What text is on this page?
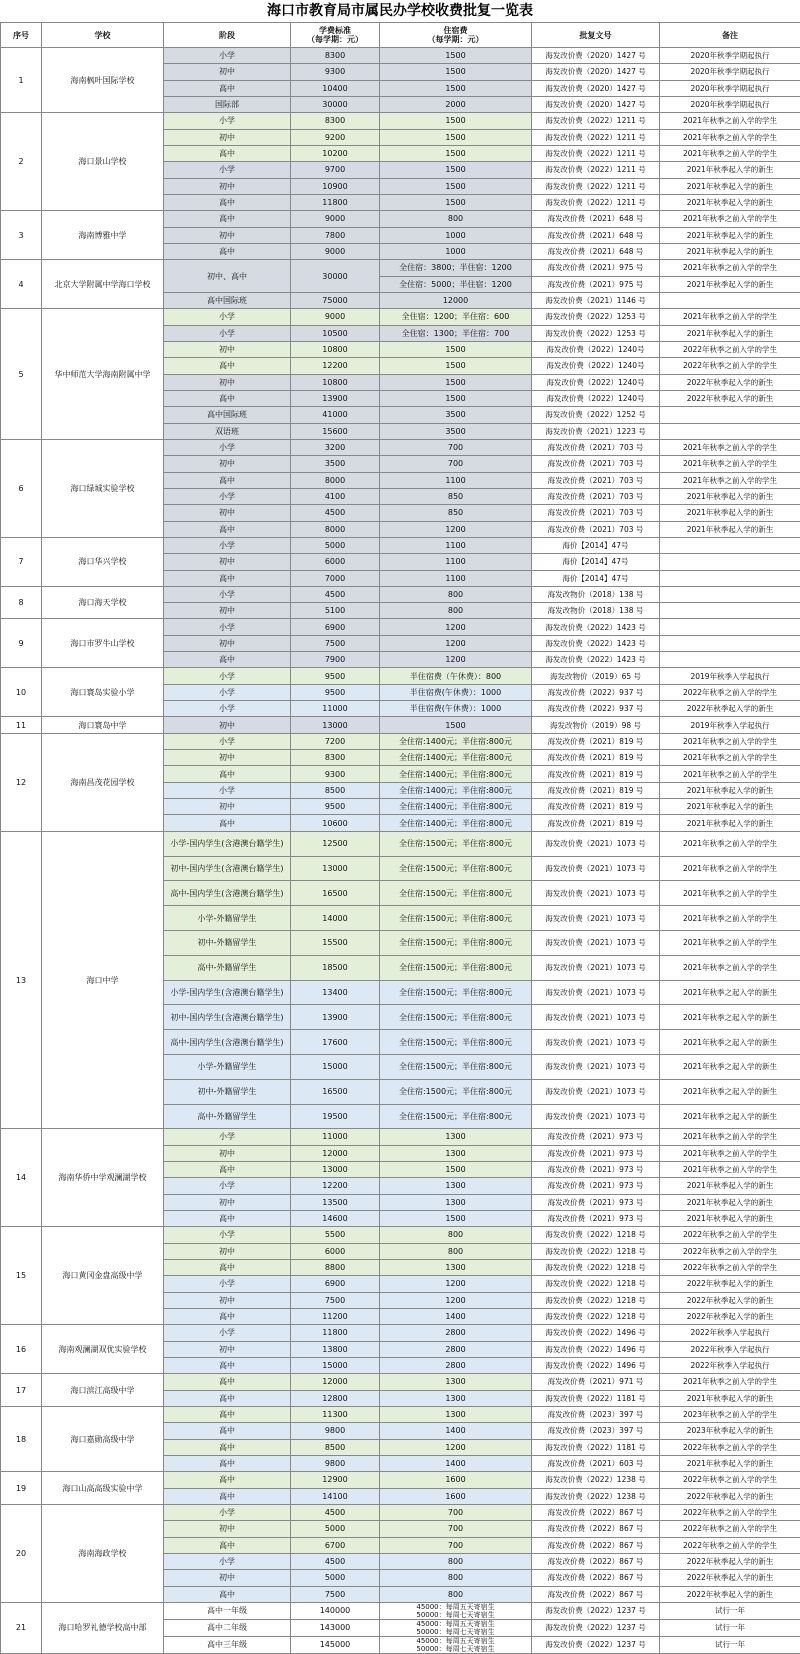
海口市教育局市属民办学校收费批复一览表
序号	学校	阶段	学费标准
（每学期：元）	住宿费
（每学期：元）	批复文号	备注
1	海南枫叶国际学校	小学	8300	1500	海发改价费（2020）1427 号	2020年秋季学期起执行
		初中	9300	1500	海发改价费（2020）1427 号	2020年秋季学期起执行
		高中	10400	1500	海发改价费（2020）1427 号	2020年秋季学期起执行
		国际部	30000	2000	海发改价费（2020）1427 号	2020年秋季学期起执行
2	海口景山学校	小学	8300	1500	海发改价费（2022）1211 号	2021年秋季之前入学的学生
		初中	9200	1500	海发改价费（2022）1211 号	2021年秋季之前入学的学生
		高中	10200	1500	海发改价费（2022）1211 号	2021年秋季之前入学的学生
		小学	9700	1500	海发改价费（2022）1211 号	2021年秋季起入学的新生
		初中	10900	1500	海发改价费（2022）1211 号	2021年秋季起入学的新生
		高中	11800	1500	海发改价费（2022）1211 号	2021年秋季起入学的新生
3	海南博雅中学	高中	9000	800	海发改价费（2021）648 号	2021年秋季之前入学的学生
		初中	7800	1000	海发改价费（2021）648 号	2021年秋季起入学的新生
		高中	9000	1000	海发改价费（2021）648 号	2021年秋季起入学的新生
4	北京大学附属中学海口学校	初中、高中	30000	全住宿：3800；半住宿：1200	海发改价费（2021）975 号	2021年秋季之前入学的学生
				全住宿：5000；半住宿：1200	海发改价费（2021）975 号	2021年秋季起入学的新生
		高中国际班	75000	12000	海发改价费（2021）1146 号	
5	华中师范大学海南附属中学	小学	9000	全住宿：1200；半住宿：600	海发改价费（2022）1253 号	2021年秋季之前入学的学生
		小学	10500	全住宿：1300；半住宿：700	海发改价费（2022）1253 号	2021年秋季起入学的新生
		初中	10800	1500	海发改价费（2022）1240号	2022年秋季之前入学的学生
		高中	12200	1500	海发改价费（2022）1240号	2022年秋季之前入学的学生
		初中	10800	1500	海发改价费（2022）1240号	2022年秋季起入学的新生
		高中	13900	1500	海发改价费（2022）1240号	2022年秋季起入学的新生
		高中国际班	41000	3500	海发改价费（2022）1252 号	
		双语班	15600	3500	海发改价费（2021）1223 号	
6	海口绿城实验学校	小学	3200	700	海发改价费（2021）703 号	2021年秋季之前入学的学生
		初中	3500	700	海发改价费（2021）703 号	2021年秋季之前入学的学生
		高中	8000	1100	海发改价费（2021）703 号	2021年秋季之前入学的学生
		小学	4100	850	海发改价费（2021）703 号	2021年秋季起入学的新生
		初中	4500	850	海发改价费（2021）703 号	2021年秋季起入学的新生
		高中	8000	1200	海发改价费（2021）703 号	2021年秋季起入学的新生
7	海口华兴学校	小学	5000	1100	海价【2014】47号	
		初中	6000	1100	海价【2014】47号	
		高中	7000	1100	海价【2014】47号	
8	海口海天学校	小学	4500	800	海发改物价（2018）138 号	
		初中	5100	800	海发改物价（2018）138 号	
9	海口市罗牛山学校	小学	6900	1200	海发改价费（2022）1423 号	
		初中	7500	1200	海发改价费（2022）1423 号	
		高中	7900	1200	海发改价费（2022）1423 号	
10	海口寰岛实验小学	小学	9500	半住宿费（午休费）：800	海发改物价（2019）65 号	2019年秋季入学起执行
		小学	9500	半住宿费(午休费）：1000	海发改价费（2022）937 号	2022年秋季之前入学的学生
		小学	11000	半住宿费(午休费）：1000	海发改价费（2022）937 号	2022年秋季起入学的新生
11	海口寰岛中学	初中	13000	1500	海发改物价（2019）98 号	2019年秋季入学起执行
12	海南昌茂花园学校	小学	7200	全住宿:1400元；半住宿:800元	海发改价费（2021）819 号	2021年秋季之前入学的学生
		初中	8300	全住宿:1400元；半住宿:800元	海发改价费（2021）819 号	2021年秋季之前入学的学生
		高中	9300	全住宿:1400元；半住宿:800元	海发改价费（2021）819 号	2021年秋季之前入学的学生
		小学	8500	全住宿:1400元；半住宿:800元	海发改价费（2021）819 号	2021年秋季起入学的新生
		初中	9500	全住宿:1400元；半住宿:800元	海发改价费（2021）819 号	2021年秋季起入学的新生
		高中	10600	全住宿:1400元；半住宿:800元	海发改价费（2021）819 号	2021年秋季起入学的新生
13	海口中学	小学-国内学生(含港澳台籍学生)	12500	全住宿:1500元；半住宿:800元	海发改价费（2021）1073 号	2021年秋季之前入学的学生
		初中-国内学生(含港澳台籍学生)	13000	全住宿:1500元；半住宿:800元	海发改价费（2021）1073 号	2021年秋季之前入学的学生
		高中-国内学生(含港澳台籍学生)	16500	全住宿:1500元；半住宿:800元	海发改价费（2021）1073 号	2021年秋季之前入学的学生
		小学-外籍留学生	14000	全住宿:1500元；半住宿:800元	海发改价费（2021）1073 号	2021年秋季之前入学的学生
		初中-外籍留学生	15500	全住宿:1500元；半住宿:800元	海发改价费（2021）1073 号	2021年秋季之前入学的学生
		高中-外籍留学生	18500	全住宿:1500元；半住宿:800元	海发改价费（2021）1073 号	2021年秋季之前入学的学生
		小学-国内学生(含港澳台籍学生)	13400	全住宿:1500元；半住宿:800元	海发改价费（2021）1073 号	2021年秋季之起入学的新生
		初中-国内学生(含港澳台籍学生)	13900	全住宿:1500元；半住宿:800元	海发改价费（2021）1073 号	2021年秋季之起入学的新生
		高中-国内学生(含港澳台籍学生)	17600	全住宿:1500元；半住宿:800元	海发改价费（2021）1073 号	2021年秋季之起入学的新生
		小学-外籍留学生	15000	全住宿:1500元；半住宿:800元	海发改价费（2021）1073 号	2021年秋季之起入学的新生
		初中-外籍留学生	16500	全住宿:1500元；半住宿:800元	海发改价费（2021）1073 号	2021年秋季之起入学的新生
		高中-外籍留学生	19500	全住宿:1500元；半住宿:800元	海发改价费（2021）1073 号	2021年秋季之起入学的新生
14	海南华侨中学观澜湖学校	小学	11000	1300	海发改价费（2021）973 号	2021年秋季之前入学的学生
		初中	12000	1300	海发改价费（2021）973 号	2021年秋季之前入学的学生
		高中	13000	1500	海发改价费（2021）973 号	2021年秋季之前入学的学生
		小学	12200	1300	海发改价费（2021）973 号	2021年秋季起入学的新生
		初中	13500	1300	海发改价费（2021）973 号	2021年秋季起入学的新生
		高中	14600	1500	海发改价费（2021）973 号	2021年秋季起入学的新生
15	海口黄冈金盘高级中学	小学	5500	800	海发改价费（2022）1218 号	2022年秋季之前入学的学生
		初中	6000	800	海发改价费（2022）1218 号	2022年秋季之前入学的学生
		高中	8800	1300	海发改价费（2022）1218 号	2022年秋季之前入学的学生
		小学	6900	1200	海发改价费（2022）1218 号	2022年秋季起入学的新生
		初中	7500	1200	海发改价费（2022）1218 号	2022年秋季起入学的新生
		高中	11200	1400	海发改价费（2022）1218 号	2022年秋季起入学的新生
16	海南观澜湖双优实验学校	小学	11800	2800	海发改价费（2022）1496 号	2022年秋季入学起执行
		初中	13800	2800	海发改价费（2022）1496 号	2022年秋季入学起执行
		高中	15000	2800	海发改价费（2022）1496 号	2022年秋季入学起执行
17	海口滨江高级中学	高中	12000	1300	海发改价费（2021）971 号	2021年秋季之前入学的学生
		高中	12800	1300	海发改价费（2022）1181 号	2021年秋季起入学的新生
18	海口嘉勋高级中学	高中	11300	1300	海发改价费（2023）397 号	2023年秋季之前入学的学生
		高中	9800	1400	海发改价费（2023）397 号	2023年秋季起入学的新生
		高中	8500	1200	海发改价费（2022）1181 号	2022年秋季之前入学的学生
		高中	9800	1400	海发改价费（2021）603 号	2021年秋季起入学的新生
19	海口山高高级实验中学	高中	12900	1600	海发改价费（2022）1238 号	2022年秋季之前入学的学生
		高中	14100	1600	海发改价费（2022）1238 号	2022年秋季起入学的新生
20	海南海政学校	小学	4500	700	海发改价费（2022）867 号	2022年秋季之前入学的学生
		初中	5000	700	海发改价费（2022）867 号	2022年秋季之前入学的学生
		高中	6700	700	海发改价费（2022）867 号	2022年秋季之前入学的学生
		小学	4500	800	海发改价费（2022）867 号	2022年秋季起入学的新生
		初中	5000	800	海发改价费（2022）867 号	2022年秋季起入学的新生
		高中	7500	800	海发改价费（2022）867 号	2022年秋季起入学的新生
21	海口哈罗礼德学校高中部	高中一年级	140000	45000：每周五天寄宿生
50000：每周七天寄宿生	海发改价费（2022）1237 号	试行一年
		高中二年级	143000	45000：每周五天寄宿生
50000：每周七天寄宿生	海发改价费（2022）1237 号	试行一年
		高中三年级	145000	45000：每周五天寄宿生
50000：每周七天寄宿生	海发改价费（2022）1237 号	试行一年
